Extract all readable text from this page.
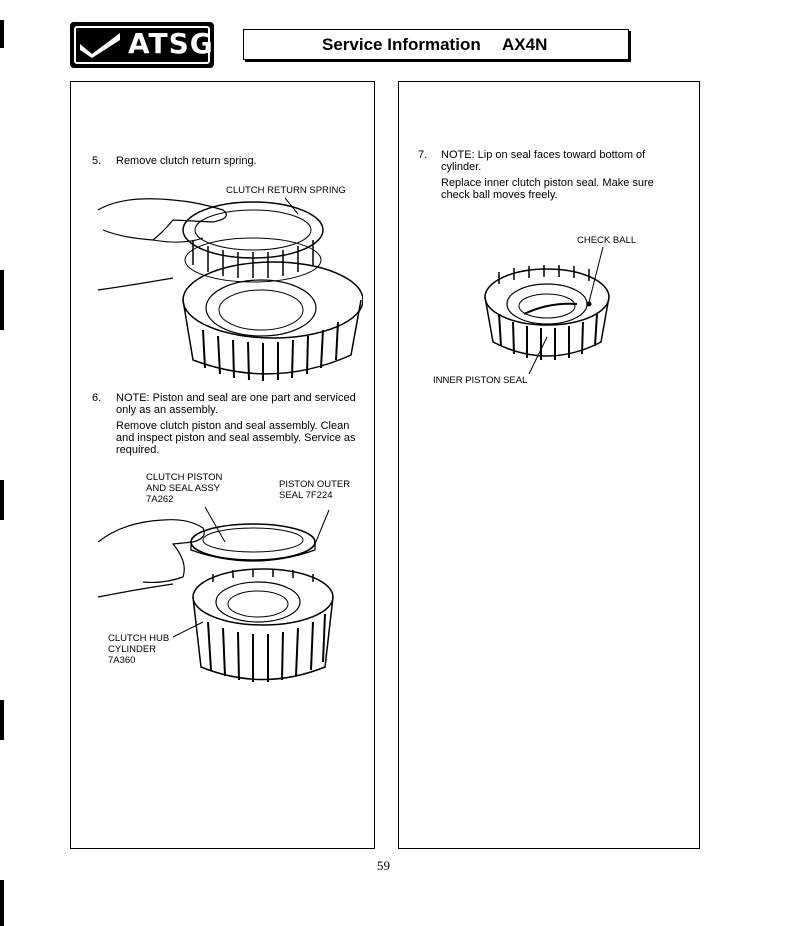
ATSG	Service Information AX4N
5. Remove clutch return spring.
CLUTCH RETURN SPRING
6. NOTE: Piston and seal are one part and serviced
only as an assembly.
Remove clutch piston and seal assembly. Clean
and inspect piston and seal assembly. Service as
required.
CLUTCH PISTON
AND SEAL ASSY
7A262
PISTON OUTER
SEAL 7F224
CLUTCH HUB
CYLINDER
7A360
7. NOTE: Lip on seal faces toward bottom of
cylinder.
Replace inner clutch piston seal. Make sure
check ball moves freely.
CHECK BALL
INNER PISTON SEAL
59
